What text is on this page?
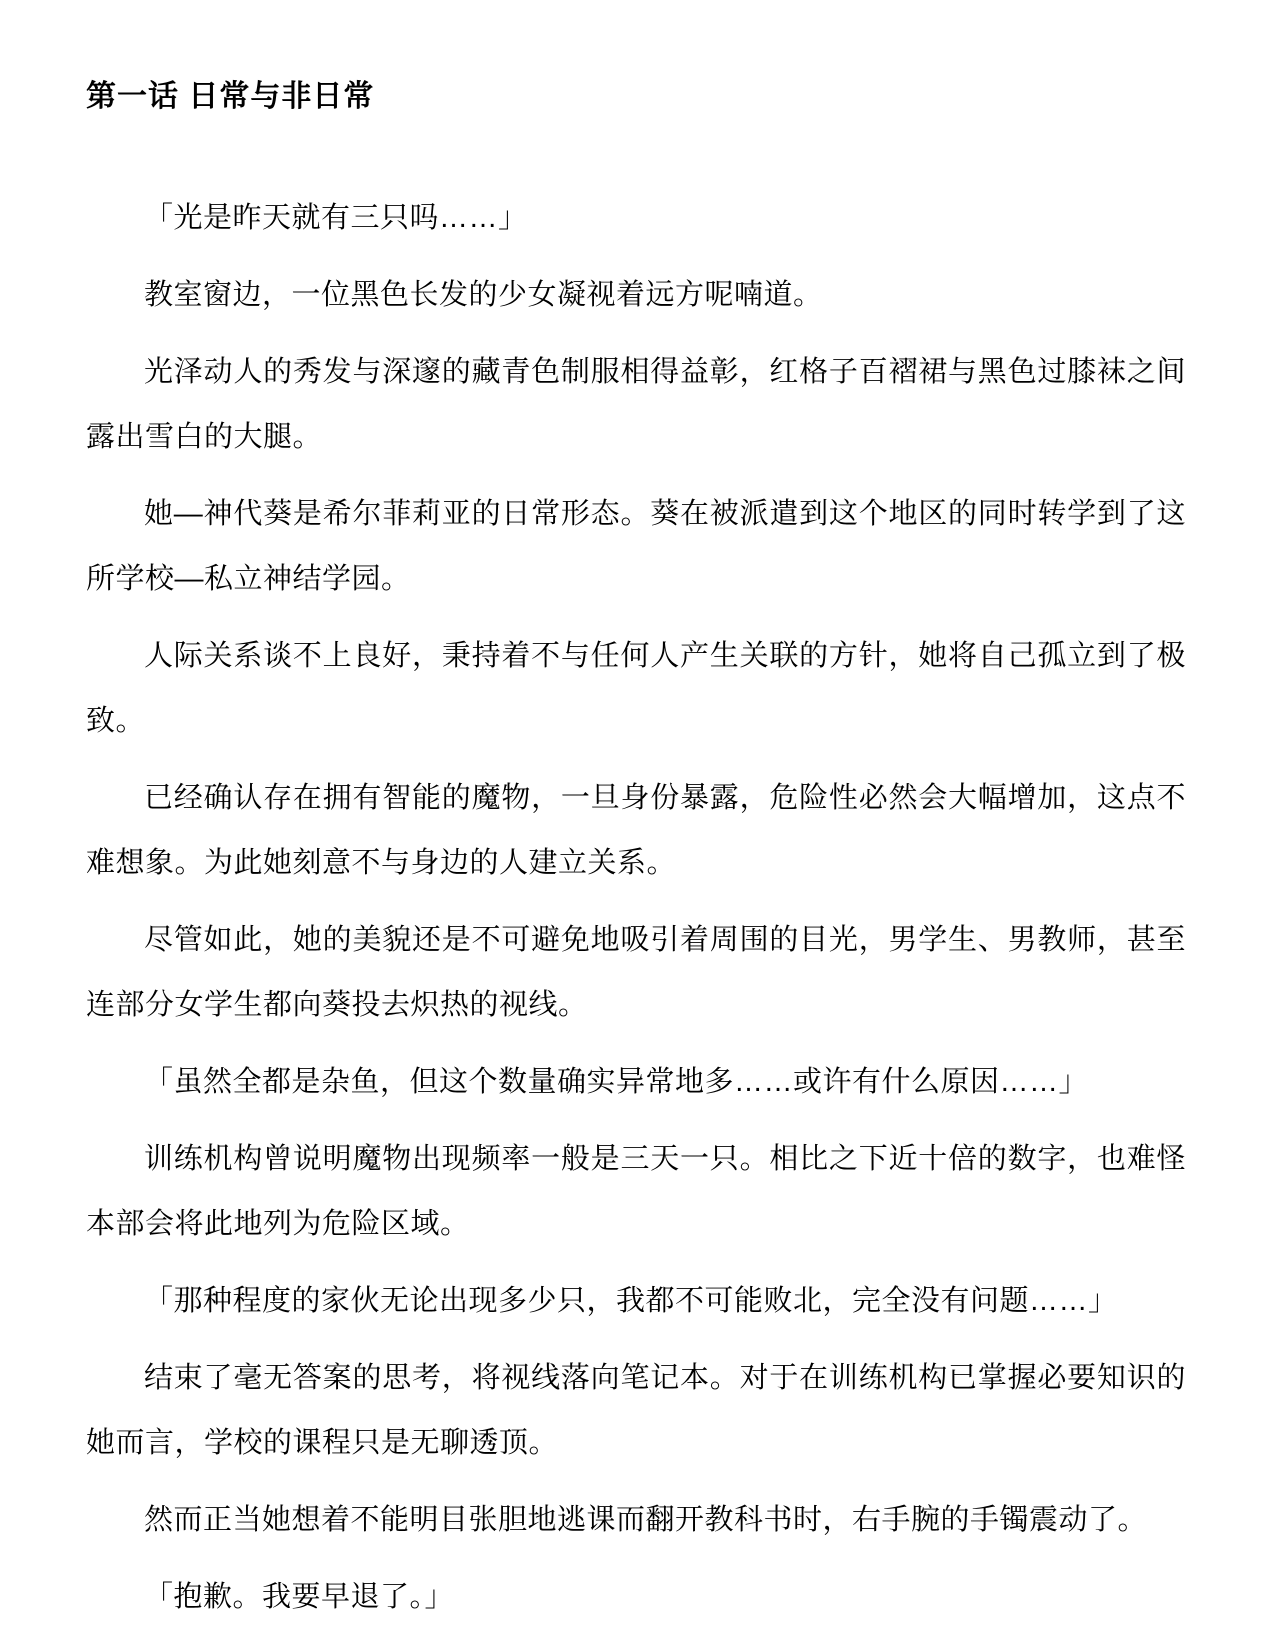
第一话 日常与非日常

「光是昨天就有三只吗……」

教室窗边，一位黑色长发的少女凝视着远方呢喃道。

光泽动人的秀发与深邃的藏青色制服相得益彰，红格子百褶裙与黑色过膝袜之间露出雪白的大腿。

她—神代葵是希尔菲莉亚的日常形态。葵在被派遣到这个地区的同时转学到了这所学校—私立神结学园。

人际关系谈不上良好，秉持着不与任何人产生关联的方针，她将自己孤立到了极致。

已经确认存在拥有智能的魔物，一旦身份暴露，危险性必然会大幅增加，这点不难想象。为此她刻意不与身边的人建立关系。

尽管如此，她的美貌还是不可避免地吸引着周围的目光，男学生、男教师，甚至连部分女学生都向葵投去炽热的视线。

「虽然全都是杂鱼，但这个数量确实异常地多……或许有什么原因……」

训练机构曾说明魔物出现频率一般是三天一只。相比之下近十倍的数字，也难怪本部会将此地列为危险区域。

「那种程度的家伙无论出现多少只，我都不可能败北，完全没有问题……」

结束了毫无答案的思考，将视线落向笔记本。对于在训练机构已掌握必要知识的她而言，学校的课程只是无聊透顶。

然而正当她想着不能明目张胆地逃课而翻开教科书时，右手腕的手镯震动了。

「抱歉。我要早退了。」
